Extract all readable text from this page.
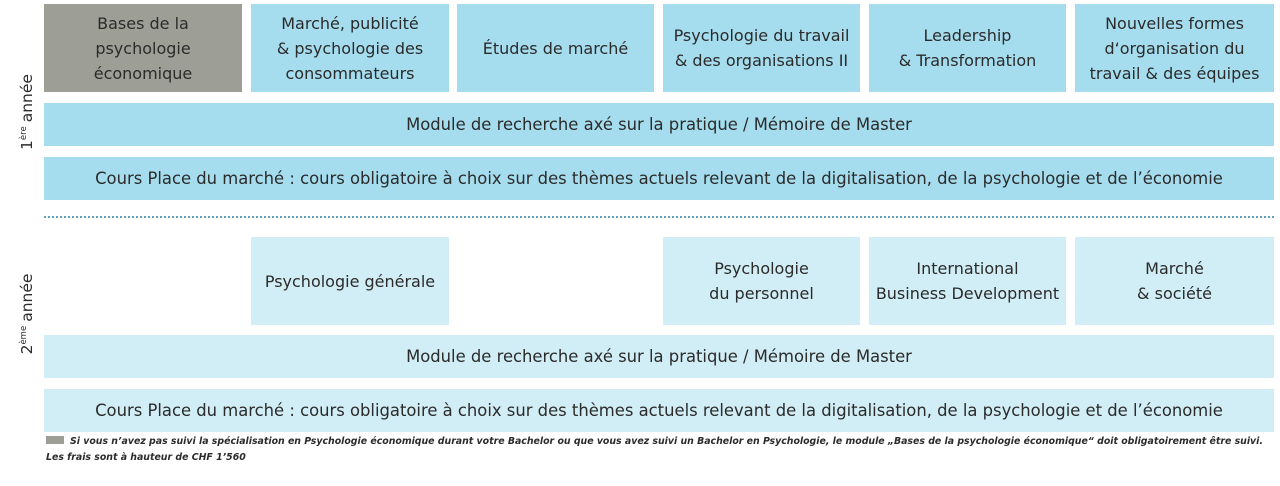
1
$^{ère}$
année
2
$^{ème}$
année
Bases de la
psychologie
économique
Marché, publicité
& psychologie des
consommateurs
Études de marché
Psychologie du travail
& des organisations II
Leadership
& Transformation
Nouvelles formes
d‘organisation du
travail & des équipes
Module de recherche axé sur la pratique / Mémoire de Master
Cours Place du marché : cours obligatoire à choix sur des thèmes actuels relevant de la digitalisation, de la psychologie et de l’économie
Psychologie générale
Psychologie
du personnel
International
Business Development
Marché
& société
Module de recherche axé sur la pratique / Mémoire de Master
Cours Place du marché : cours obligatoire à choix sur des thèmes actuels relevant de la digitalisation, de la psychologie et de l’économie
Si vous n’avez pas suivi la spécialisation en Psychologie économique durant votre Bachelor ou que vous avez suivi un Bachelor en Psychologie, le module „Bases de la psychologie économique“ doit obligatoirement être suivi. Les frais sont à hauteur de CHF 1’560
